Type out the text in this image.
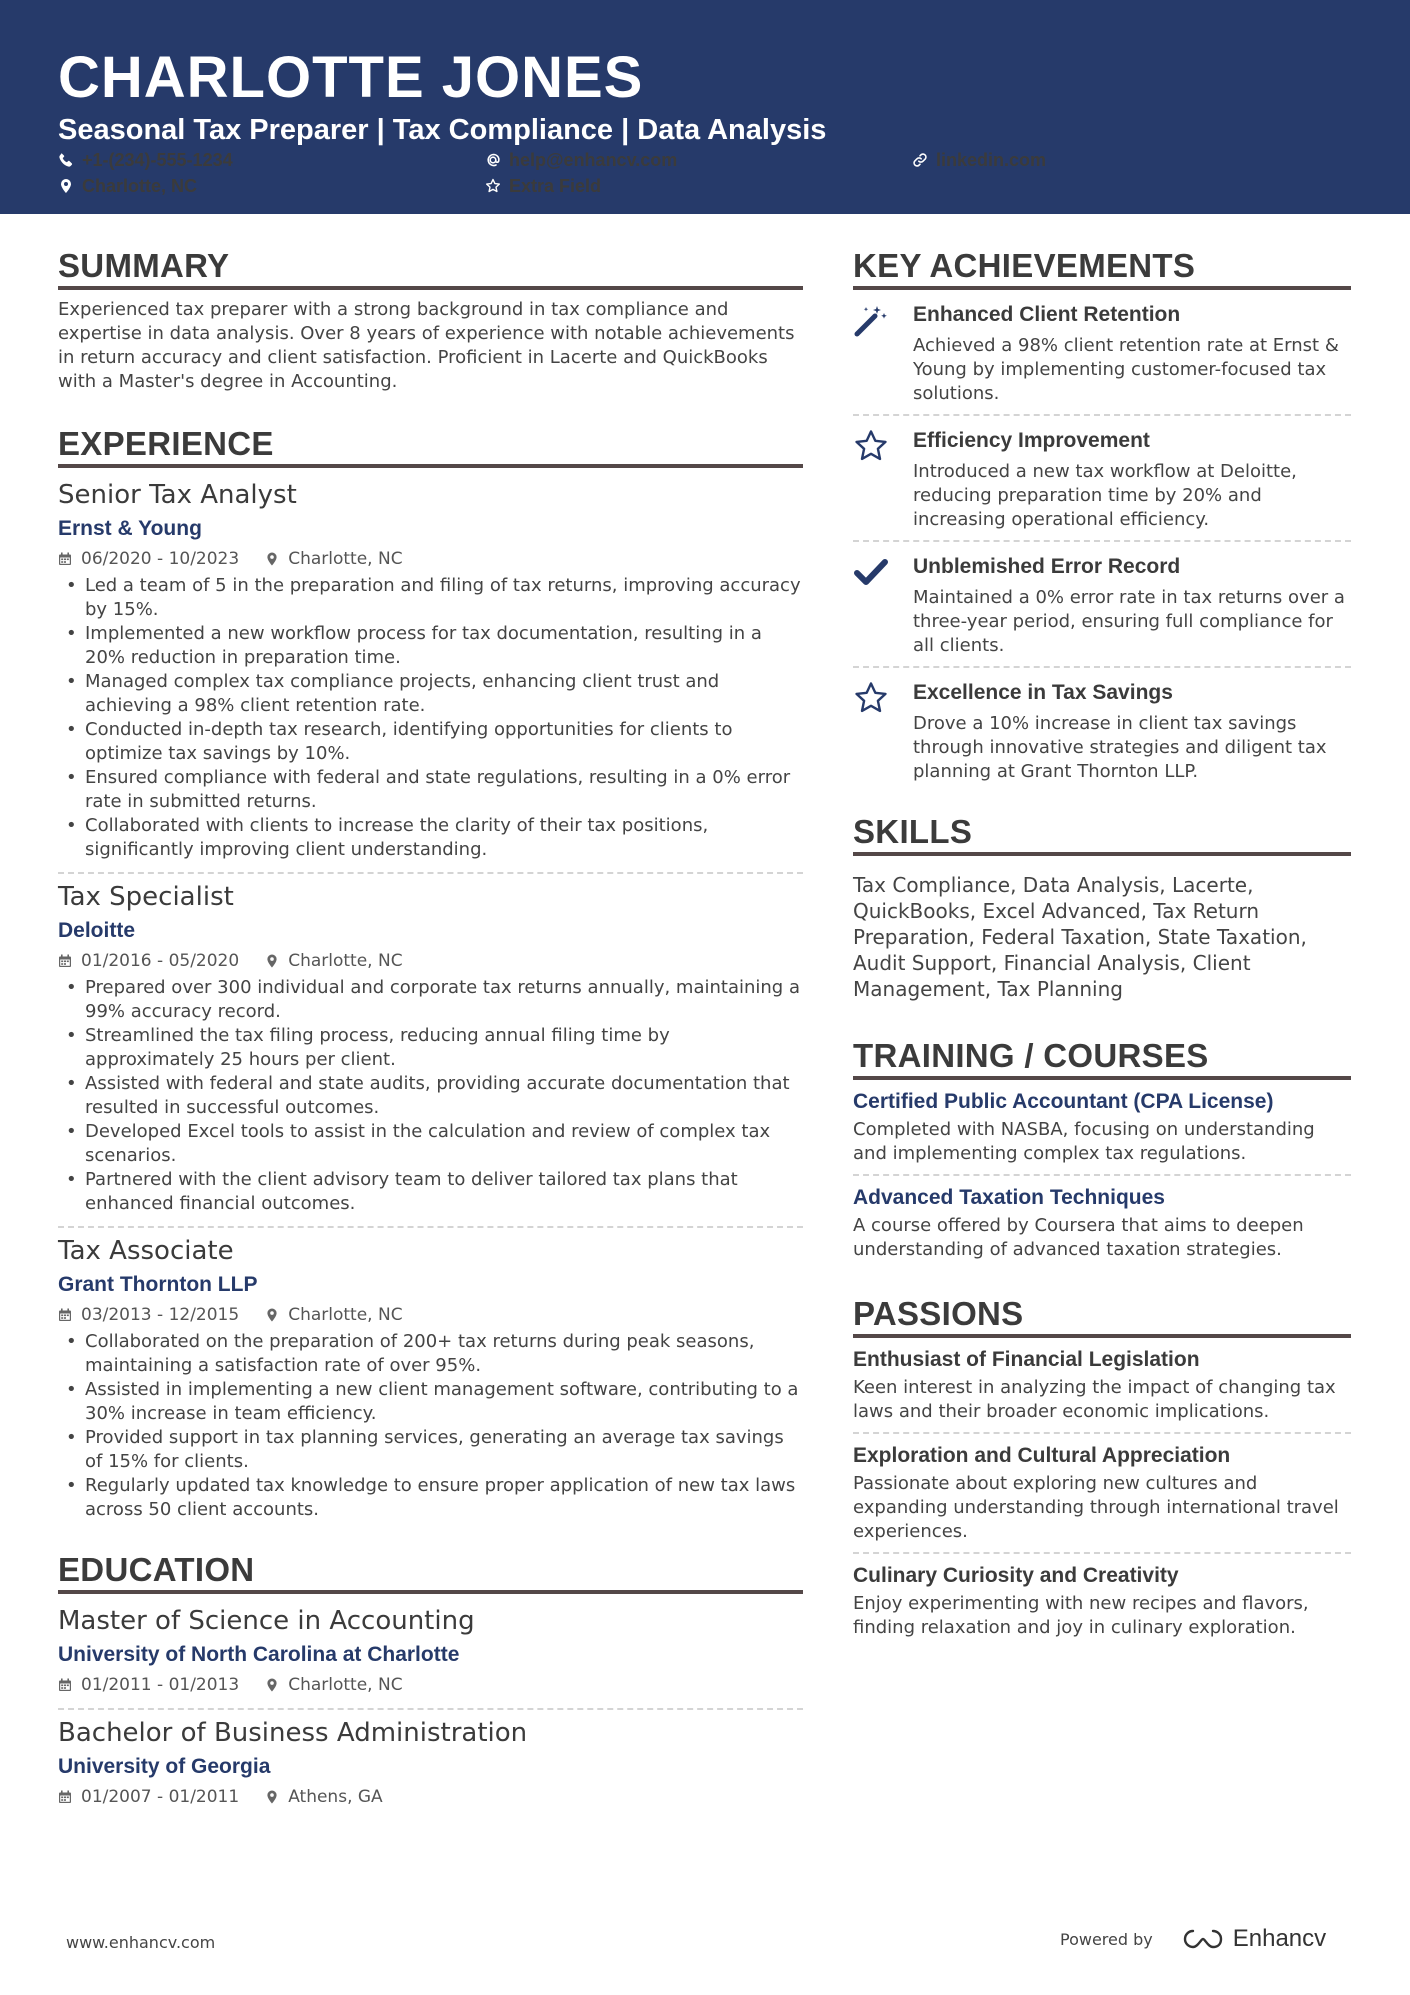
CHARLOTTE JONES
Seasonal Tax Preparer | Tax Compliance | Data Analysis
+1-(234)-555-1234	help@enhancv.com	linkedin.com
Charlotte, NC	Extra Field
SUMMARY
Experienced tax preparer with a strong background in tax compliance and expertise in data analysis. Over 8 years of experience with notable achievements in return accuracy and client satisfaction. Proficient in Lacerte and QuickBooks with a Master's degree in Accounting.
EXPERIENCE
Senior Tax Analyst
Ernst & Young
06/2020 - 10/2023	Charlotte, NC
• Led a team of 5 in the preparation and filing of tax returns, improving accuracy by 15%.
• Implemented a new workflow process for tax documentation, resulting in a 20% reduction in preparation time.
• Managed complex tax compliance projects, enhancing client trust and achieving a 98% client retention rate.
• Conducted in-depth tax research, identifying opportunities for clients to optimize tax savings by 10%.
• Ensured compliance with federal and state regulations, resulting in a 0% error rate in submitted returns.
• Collaborated with clients to increase the clarity of their tax positions, significantly improving client understanding.
Tax Specialist
Deloitte
01/2016 - 05/2020	Charlotte, NC
• Prepared over 300 individual and corporate tax returns annually, maintaining a 99% accuracy record.
• Streamlined the tax filing process, reducing annual filing time by approximately 25 hours per client.
• Assisted with federal and state audits, providing accurate documentation that resulted in successful outcomes.
• Developed Excel tools to assist in the calculation and review of complex tax scenarios.
• Partnered with the client advisory team to deliver tailored tax plans that enhanced financial outcomes.
Tax Associate
Grant Thornton LLP
03/2013 - 12/2015	Charlotte, NC
• Collaborated on the preparation of 200+ tax returns during peak seasons, maintaining a satisfaction rate of over 95%.
• Assisted in implementing a new client management software, contributing to a 30% increase in team efficiency.
• Provided support in tax planning services, generating an average tax savings of 15% for clients.
• Regularly updated tax knowledge to ensure proper application of new tax laws across 50 client accounts.
EDUCATION
Master of Science in Accounting
University of North Carolina at Charlotte
01/2011 - 01/2013	Charlotte, NC
Bachelor of Business Administration
University of Georgia
01/2007 - 01/2011	Athens, GA
KEY ACHIEVEMENTS
Enhanced Client Retention
Achieved a 98% client retention rate at Ernst & Young by implementing customer-focused tax solutions.
Efficiency Improvement
Introduced a new tax workflow at Deloitte, reducing preparation time by 20% and increasing operational efficiency.
Unblemished Error Record
Maintained a 0% error rate in tax returns over a three-year period, ensuring full compliance for all clients.
Excellence in Tax Savings
Drove a 10% increase in client tax savings through innovative strategies and diligent tax planning at Grant Thornton LLP.
SKILLS
Tax Compliance, Data Analysis, Lacerte, QuickBooks, Excel Advanced, Tax Return Preparation, Federal Taxation, State Taxation, Audit Support, Financial Analysis, Client Management, Tax Planning
TRAINING / COURSES
Certified Public Accountant (CPA License)
Completed with NASBA, focusing on understanding and implementing complex tax regulations.
Advanced Taxation Techniques
A course offered by Coursera that aims to deepen understanding of advanced taxation strategies.
PASSIONS
Enthusiast of Financial Legislation
Keen interest in analyzing the impact of changing tax laws and their broader economic implications.
Exploration and Cultural Appreciation
Passionate about exploring new cultures and expanding understanding through international travel experiences.
Culinary Curiosity and Creativity
Enjoy experimenting with new recipes and flavors, finding relaxation and joy in culinary exploration.
www.enhancv.com	Powered by	Enhancv
